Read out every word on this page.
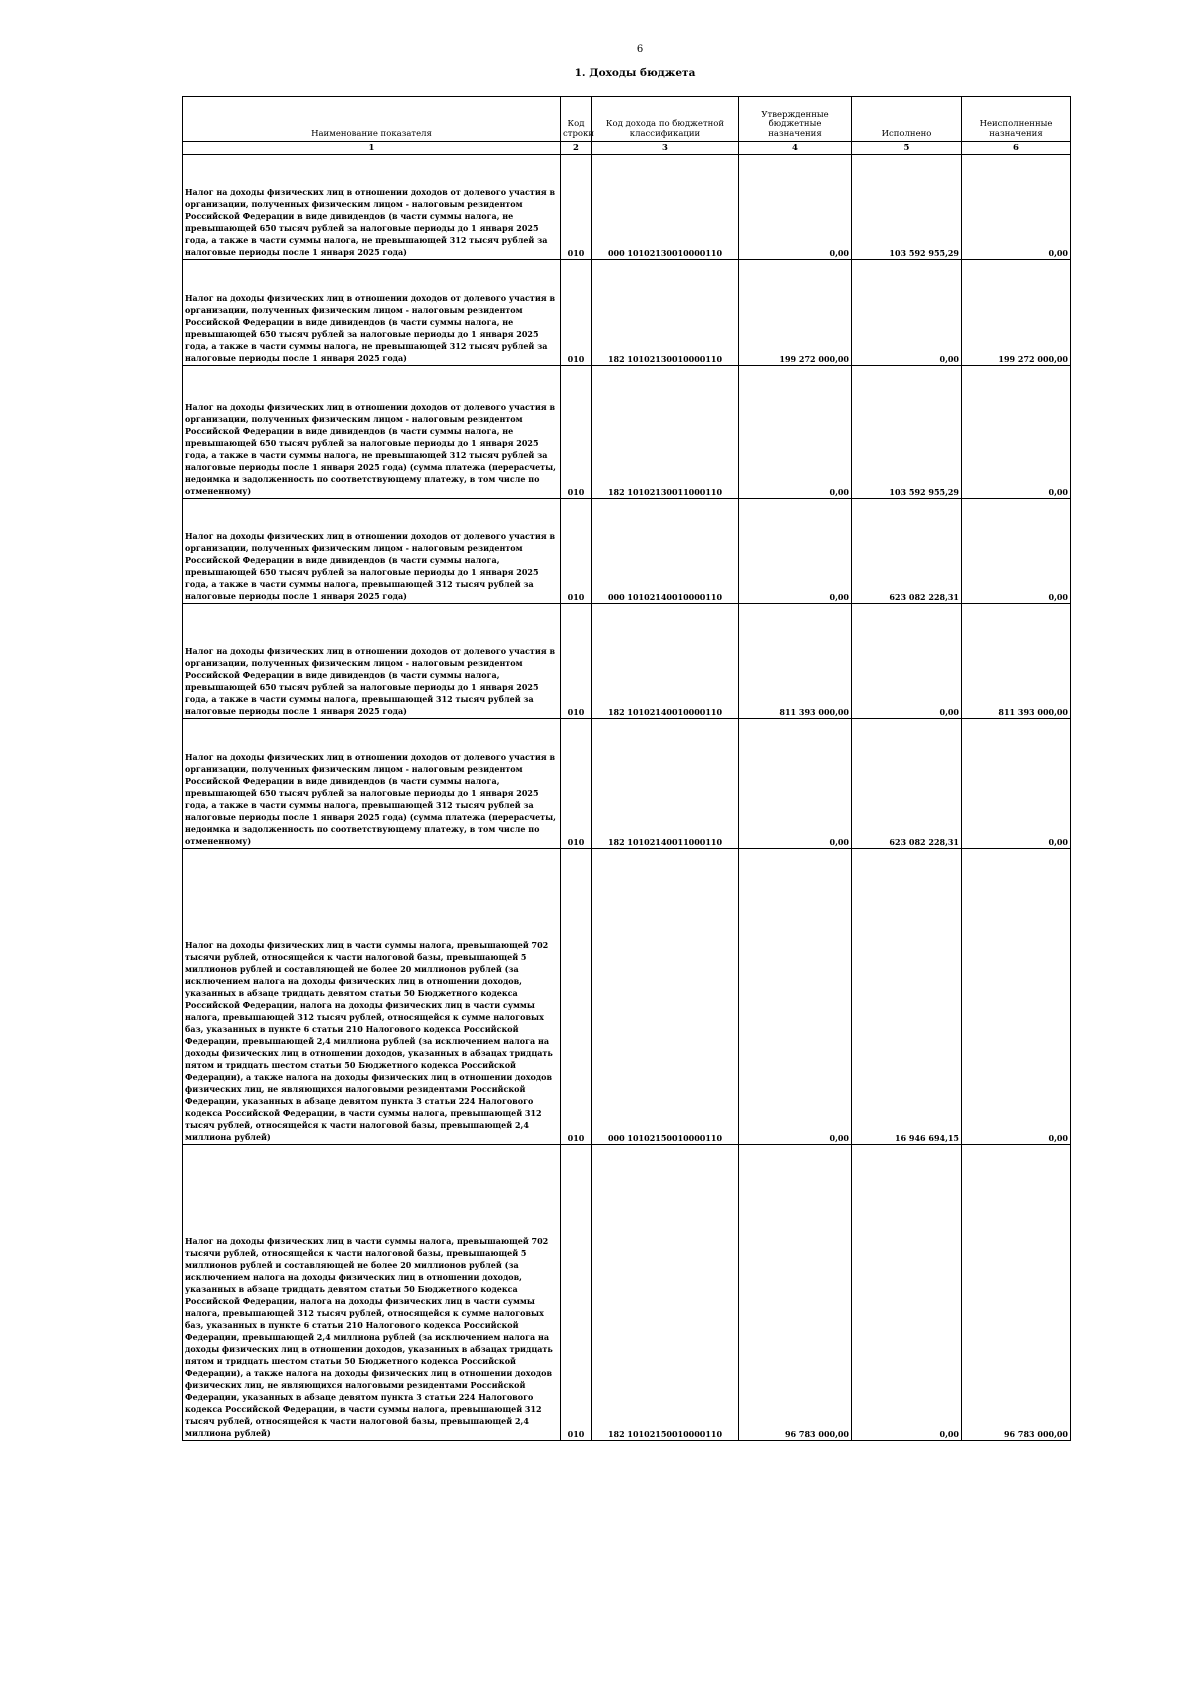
6
1. Доходы бюджета
Наименование показателя	Код строки	Код дохода по бюджетной классификации	Утвержденные бюджетные назначения	Исполнено	Неисполненные назначения
1	2	3	4	5	6
Налог на доходы физических лиц в отношении доходов от долевого участия в организации, полученных физическим лицом - налоговым резидентом Российской Федерации в виде дивидендов (в части суммы налога, не превышающей 650 тысяч рублей за налоговые периоды до 1 января 2025 года, а также в части суммы налога, не превышающей 312 тысяч рублей за налоговые периоды после 1 января 2025 года)	010	000 10102130010000110	0,00	103 592 955,29	0,00
Налог на доходы физических лиц в отношении доходов от долевого участия в организации, полученных физическим лицом - налоговым резидентом Российской Федерации в виде дивидендов (в части суммы налога, не превышающей 650 тысяч рублей за налоговые периоды до 1 января 2025 года, а также в части суммы налога, не превышающей 312 тысяч рублей за налоговые периоды после 1 января 2025 года)	010	182 10102130010000110	199 272 000,00	0,00	199 272 000,00
Налог на доходы физических лиц в отношении доходов от долевого участия в организации, полученных физическим лицом - налоговым резидентом Российской Федерации в виде дивидендов (в части суммы налога, не превышающей 650 тысяч рублей за налоговые периоды до 1 января 2025 года, а также в части суммы налога, не превышающей 312 тысяч рублей за налоговые периоды после 1 января 2025 года) (сумма платежа (перерасчеты, недоимка и задолженность по соответствующему платежу, в том числе по отмененному)	010	182 10102130011000110	0,00	103 592 955,29	0,00
Налог на доходы физических лиц в отношении доходов от долевого участия в организации, полученных физическим лицом - налоговым резидентом Российской Федерации в виде дивидендов (в части суммы налога, превышающей 650 тысяч рублей за налоговые периоды до 1 января 2025 года, а также в части суммы налога, превышающей 312 тысяч рублей за налоговые периоды после 1 января 2025 года)	010	000 10102140010000110	0,00	623 082 228,31	0,00
Налог на доходы физических лиц в отношении доходов от долевого участия в организации, полученных физическим лицом - налоговым резидентом Российской Федерации в виде дивидендов (в части суммы налога, превышающей 650 тысяч рублей за налоговые периоды до 1 января 2025 года, а также в части суммы налога, превышающей 312 тысяч рублей за налоговые периоды после 1 января 2025 года)	010	182 10102140010000110	811 393 000,00	0,00	811 393 000,00
Налог на доходы физических лиц в отношении доходов от долевого участия в организации, полученных физическим лицом - налоговым резидентом Российской Федерации в виде дивидендов (в части суммы налога, превышающей 650 тысяч рублей за налоговые периоды до 1 января 2025 года, а также в части суммы налога, превышающей 312 тысяч рублей за налоговые периоды после 1 января 2025 года) (сумма платежа (перерасчеты, недоимка и задолженность по соответствующему платежу, в том числе по отмененному)	010	182 10102140011000110	0,00	623 082 228,31	0,00
Налог на доходы физических лиц в части суммы налога, превышающей 702 тысячи рублей, относящейся к части налоговой базы, превышающей 5 миллионов рублей и составляющей не более 20 миллионов рублей (за исключением налога на доходы физических лиц в отношении доходов, указанных в абзаце тридцать девятом статьи 50 Бюджетного кодекса Российской Федерации, налога на доходы физических лиц в части суммы налога, превышающей 312 тысяч рублей, относящейся к сумме налоговых баз, указанных в пункте 6 статьи 210 Налогового кодекса Российской Федерации, превышающей 2,4 миллиона рублей (за исключением налога на доходы физических лиц в отношении доходов, указанных в абзацах тридцать пятом и тридцать шестом статьи 50 Бюджетного кодекса Российской Федерации), а также налога на доходы физических лиц в отношении доходов физических лиц, не являющихся налоговыми резидентами Российской Федерации, указанных в абзаце девятом пункта 3 статьи 224 Налогового кодекса Российской Федерации, в части суммы налога, превышающей 312 тысяч рублей, относящейся к части налоговой базы, превышающей 2,4 миллиона рублей)	010	000 10102150010000110	0,00	16 946 694,15	0,00
Налог на доходы физических лиц в части суммы налога, превышающей 702 тысячи рублей, относящейся к части налоговой базы, превышающей 5 миллионов рублей и составляющей не более 20 миллионов рублей (за исключением налога на доходы физических лиц в отношении доходов, указанных в абзаце тридцать девятом статьи 50 Бюджетного кодекса Российской Федерации, налога на доходы физических лиц в части суммы налога, превышающей 312 тысяч рублей, относящейся к сумме налоговых баз, указанных в пункте 6 статьи 210 Налогового кодекса Российской Федерации, превышающей 2,4 миллиона рублей (за исключением налога на доходы физических лиц в отношении доходов, указанных в абзацах тридцать пятом и тридцать шестом статьи 50 Бюджетного кодекса Российской Федерации), а также налога на доходы физических лиц в отношении доходов физических лиц, не являющихся налоговыми резидентами Российской Федерации, указанных в абзаце девятом пункта 3 статьи 224 Налогового кодекса Российской Федерации, в части суммы налога, превышающей 312 тысяч рублей, относящейся к части налоговой базы, превышающей 2,4 миллиона рублей)	010	182 10102150010000110	96 783 000,00	0,00	96 783 000,00
